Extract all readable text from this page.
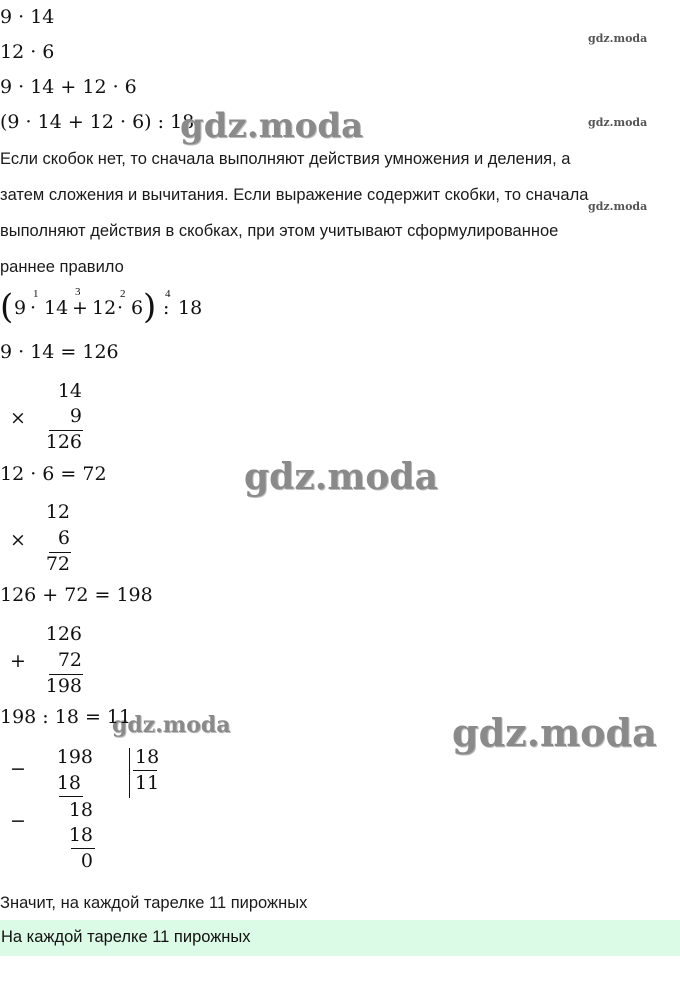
9 · 14
12 · 6
9 · 14 + 12 · 6
(9 · 14 + 12 · 6) : 18
gdz.moda
gdz.moda
gdz.moda
gdz.moda
gdz.moda
gdz.moda	gdz.moda
Если скобок нет, то сначала выполняют действия умножения и деления, а
затем сложения и вычитания. Если выражение содержит скобки, то сначала
выполняют действия в скобках, при этом учитывают сформулированное
раннее правило
( 9
1
· 14
3
+ 12
2
· 6 ) 4
: 18
9 · 14 = 126
14
×	9
126
12 · 6 = 72
12
×	6
72
126 + 72 = 198
126
+	72
198
198 : 18 = 11
−
198
18
18
11
−	18
18
0
Значит, на каждой тарелке 11 пирожных
На каждой тарелке 11 пирожных
